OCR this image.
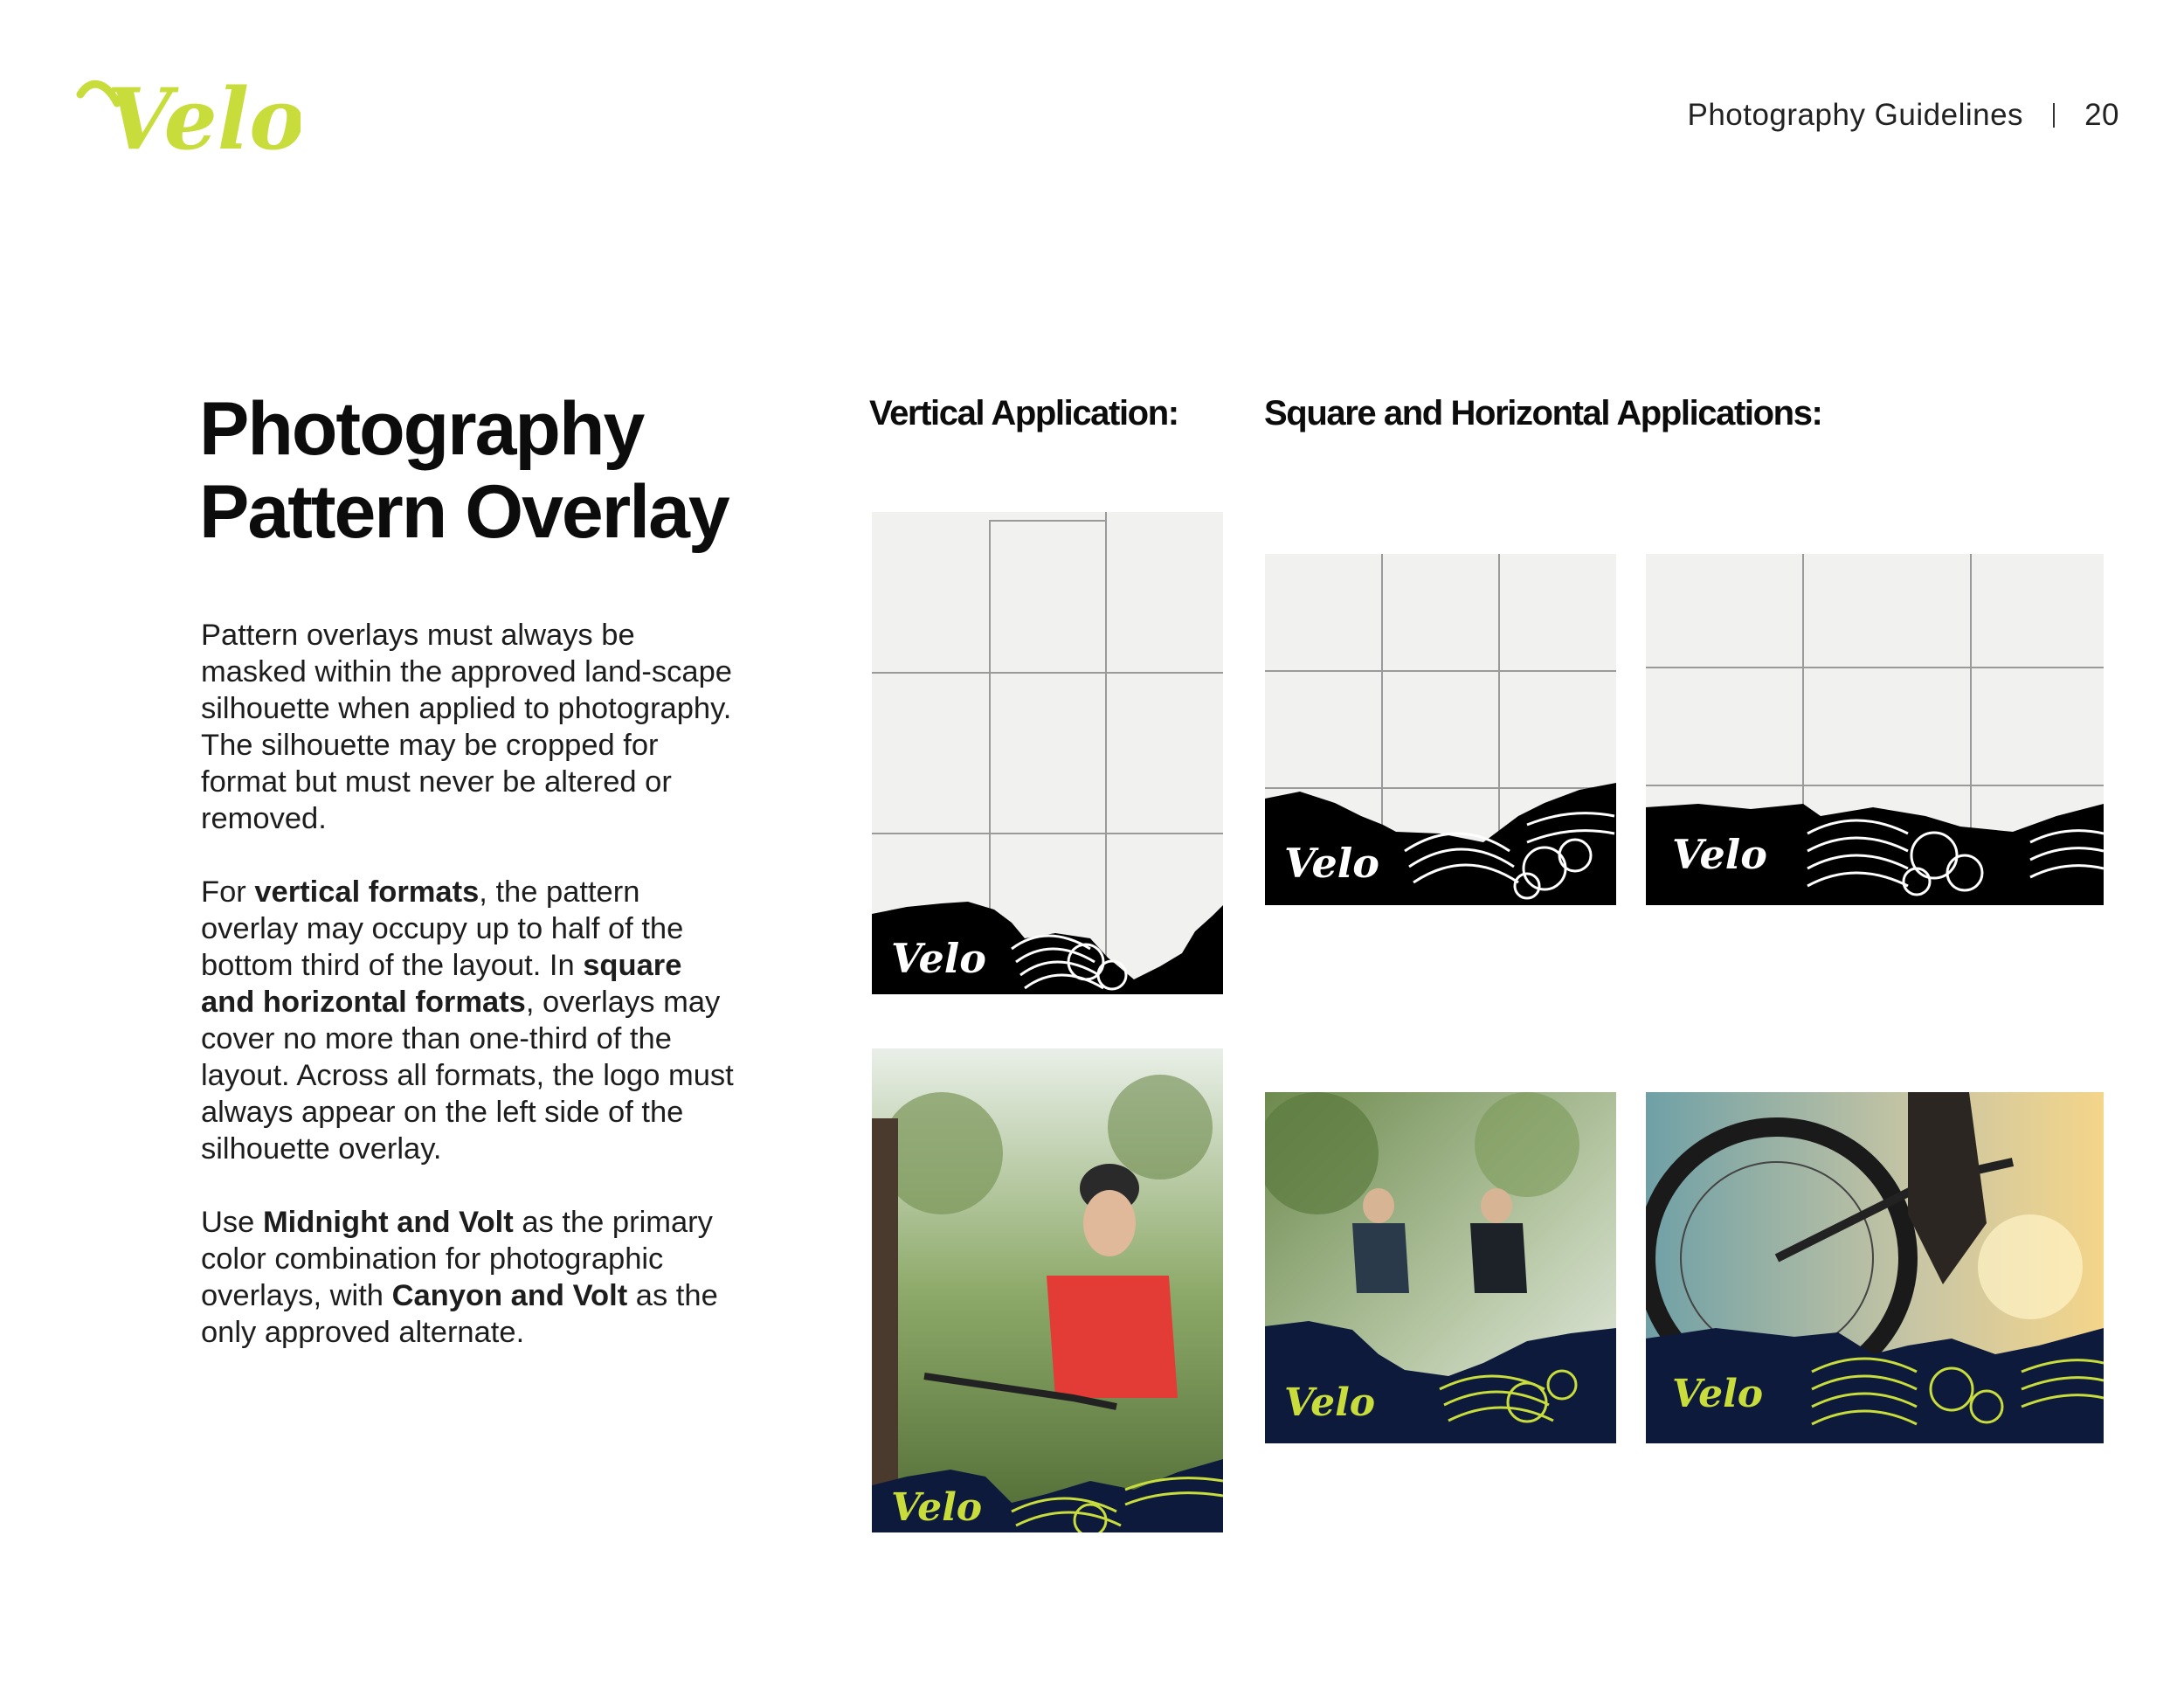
Velo	Photography Guidelines 20
Photography
Pattern Overlay

Pattern overlays must always be masked within the approved land-scape silhouette when applied to photography. The silhouette may be cropped for format but must never be altered or removed.

For vertical formats, the pattern overlay may occupy up to half of the bottom third of the layout. In square and horizontal formats, overlays may cover no more than one-third of the layout. Across all formats, the logo must always appear on the left side of the silhouette overlay.

Use Midnight and Volt as the primary color combination for photographic overlays, with Canyon and Volt as the only approved alternate.

Vertical Application: Square and Horizontal Applications:
Velo
Velo	Velo
Velo
Velo	Velo
